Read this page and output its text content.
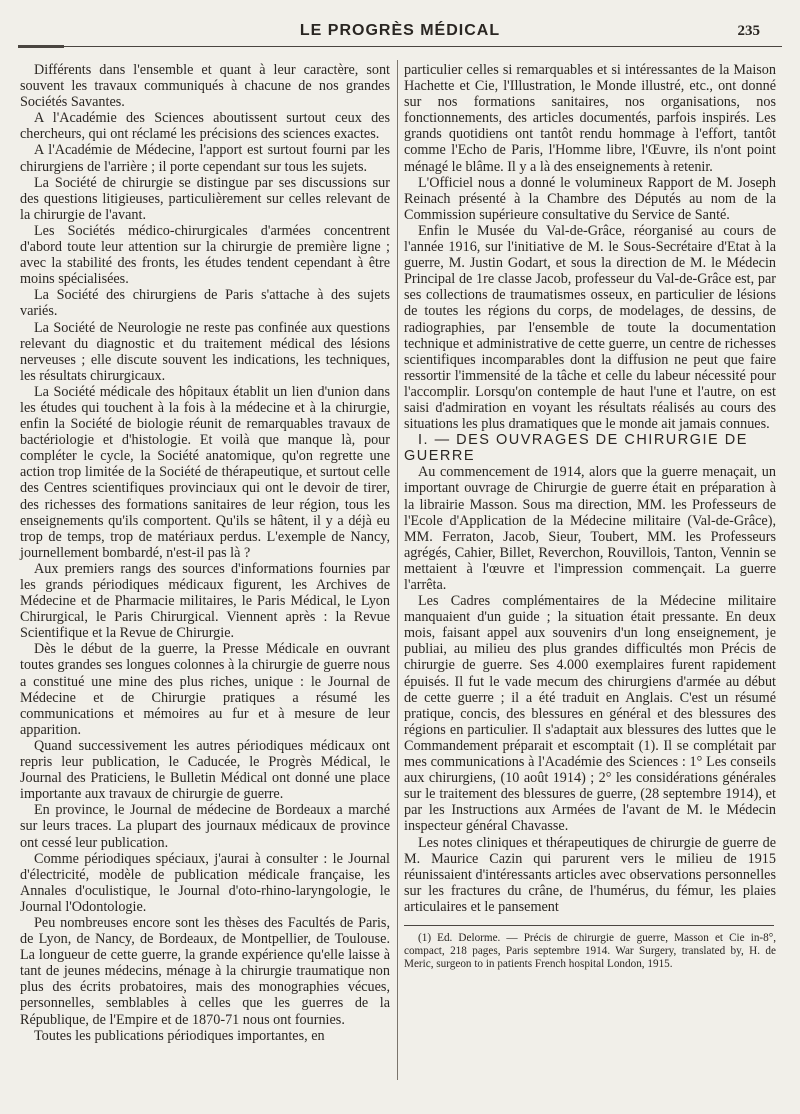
LE PROGRÈS MÉDICAL	235

Différents dans l'ensemble et quant à leur caractère, sont souvent les travaux communiqués à chacune de nos grandes Sociétés Savantes.

A l'Académie des Sciences aboutissent surtout ceux des chercheurs, qui ont réclamé les précisions des sciences exactes.

A l'Académie de Médecine, l'apport est surtout fourni par les chirurgiens de l'arrière ; il porte cependant sur tous les sujets.

La Société de chirurgie se distingue par ses discussions sur des questions litigieuses, particulièrement sur celles relevant de la chirurgie de l'avant.

Les Sociétés médico-chirurgicales d'armées concentrent d'abord toute leur attention sur la chirurgie de première ligne ; avec la stabilité des fronts, les études tendent cependant à être moins spécialisées.

La Société des chirurgiens de Paris s'attache à des sujets variés.

La Société de Neurologie ne reste pas confinée aux questions relevant du diagnostic et du traitement médical des lésions nerveuses ; elle discute souvent les indications, les techniques, les résultats chirurgicaux.

La Société médicale des hôpitaux établit un lien d'union dans les études qui touchent à la fois à la médecine et à la chirurgie, enfin la Société de biologie réunit de remarquables travaux de bactériologie et d'histologie. Et voilà que manque là, pour compléter le cycle, la Société anatomique, qu'on regrette une action trop limitée de la Société de thérapeutique, et surtout celle des Centres scientifiques provinciaux qui ont le devoir de tirer, des richesses des formations sanitaires de leur région, tous les enseignements qu'ils comportent. Qu'ils se hâtent, il y a déjà eu trop de temps, trop de matériaux perdus. L'exemple de Nancy, journellement bombardé, n'est-il pas là ?

Aux premiers rangs des sources d'informations fournies par les grands périodiques médicaux figurent, les Archives de Médecine et de Pharmacie militaires, le Paris Médical, le Lyon Chirurgical, le Paris Chirurgical. Viennent après : la Revue Scientifique et la Revue de Chirurgie.

Dès le début de la guerre, la Presse Médicale en ouvrant toutes grandes ses longues colonnes à la chirurgie de guerre nous a constitué une mine des plus riches, unique : le Journal de Médecine et de Chirurgie pratiques a résumé les communications et mémoires au fur et à mesure de leur apparition.

Quand successivement les autres périodiques médicaux ont repris leur publication, le Caducée, le Progrès Médical, le Journal des Praticiens, le Bulletin Médical ont donné une place importante aux travaux de chirurgie de guerre.

En province, le Journal de médecine de Bordeaux a marché sur leurs traces. La plupart des journaux médicaux de province ont cessé leur publication.

Comme périodiques spéciaux, j'aurai à consulter : le Journal d'électricité, modèle de publication médicale française, les Annales d'oculistique, le Journal d'oto-rhino-laryngologie, le Journal l'Odontologie.

Peu nombreuses encore sont les thèses des Facultés de Paris, de Lyon, de Nancy, de Bordeaux, de Montpellier, de Toulouse. La longueur de cette guerre, la grande expérience qu'elle laisse à tant de jeunes médecins, ménage à la chirurgie traumatique non plus des écrits probatoires, mais des monographies vécues, personnelles, semblables à celles que les guerres de la République, de l'Empire et de 1870-71 nous ont fournies.

Toutes les publications périodiques importantes, en

particulier celles si remarquables et si intéressantes de la Maison Hachette et Cie, l'Illustration, le Monde illustré, etc., ont donné sur nos formations sanitaires, nos organisations, nos fonctionnements, des articles documentés, parfois inspirés. Les grands quotidiens ont tantôt rendu hommage à l'effort, tantôt comme l'Echo de Paris, l'Homme libre, l'Œuvre, ils n'ont point ménagé le blâme. Il y a là des enseignements à retenir.

L'Officiel nous a donné le volumineux Rapport de M. Joseph Reinach présenté à la Chambre des Députés au nom de la Commission supérieure consultative du Service de Santé.

Enfin le Musée du Val-de-Grâce, réorganisé au cours de l'année 1916, sur l'initiative de M. le Sous-Secrétaire d'Etat à la guerre, M. Justin Godart, et sous la direction de M. le Médecin Principal de 1re classe Jacob, professeur du Val-de-Grâce est, par ses collections de traumatismes osseux, en particulier de lésions de toutes les régions du corps, de modelages, de dessins, de radiographies, par l'ensemble de toute la documentation technique et administrative de cette guerre, un centre de richesses scientifiques incomparables dont la diffusion ne peut que faire ressortir l'immensité de la tâche et celle du labeur nécessité pour l'accomplir. Lorsqu'on contemple de haut l'une et l'autre, on est saisi d'admiration en voyant les résultats réalisés au cours des situations les plus dramatiques que le monde ait jamais connues.

I. — DES OUVRAGES DE CHIRURGIE DE GUERRE

Au commencement de 1914, alors que la guerre menaçait, un important ouvrage de Chirurgie de guerre était en préparation à la librairie Masson. Sous ma direction, MM. les Professeurs de l'Ecole d'Application de la Médecine militaire (Val-de-Grâce), MM. Ferraton, Jacob, Sieur, Toubert, MM. les Professeurs agrégés, Cahier, Billet, Reverchon, Rouvillois, Tanton, Vennin se mettaient à l'œuvre et l'impression commençait. La guerre l'arrêta.

Les Cadres complémentaires de la Médecine militaire manquaient d'un guide ; la situation était pressante. En deux mois, faisant appel aux souvenirs d'un long enseignement, je publiai, au milieu des plus grandes difficultés mon Précis de chirurgie de guerre. Ses 4.000 exemplaires furent rapidement épuisés. Il fut le vade mecum des chirurgiens d'armée au début de cette guerre ; il a été traduit en Anglais. C'est un résumé pratique, concis, des blessures en général et des blessures des régions en particulier. Il s'adaptait aux blessures des luttes que le Commandement préparait et escomptait (1). Il se complétait par mes communications à l'Académie des Sciences : 1° Les conseils aux chirurgiens, (10 août 1914) ; 2° les considérations générales sur le traitement des blessures de guerre, (28 septembre 1914), et par les Instructions aux Armées de l'avant de M. le Médecin inspecteur général Chavasse.

Les notes cliniques et thérapeutiques de chirurgie de guerre de M. Maurice Cazin qui parurent vers le milieu de 1915 réunissaient d'intéressants articles avec observations personnelles sur les fractures du crâne, de l'humérus, du fémur, les plaies articulaires et le pansement

(1) Ed. Delorme. — Précis de chirurgie de guerre, Masson et Cie in-8°, compact, 218 pages, Paris septembre 1914. War Surgery, translated by, H. de Meric, surgeon to in patients French hospital London, 1915.
